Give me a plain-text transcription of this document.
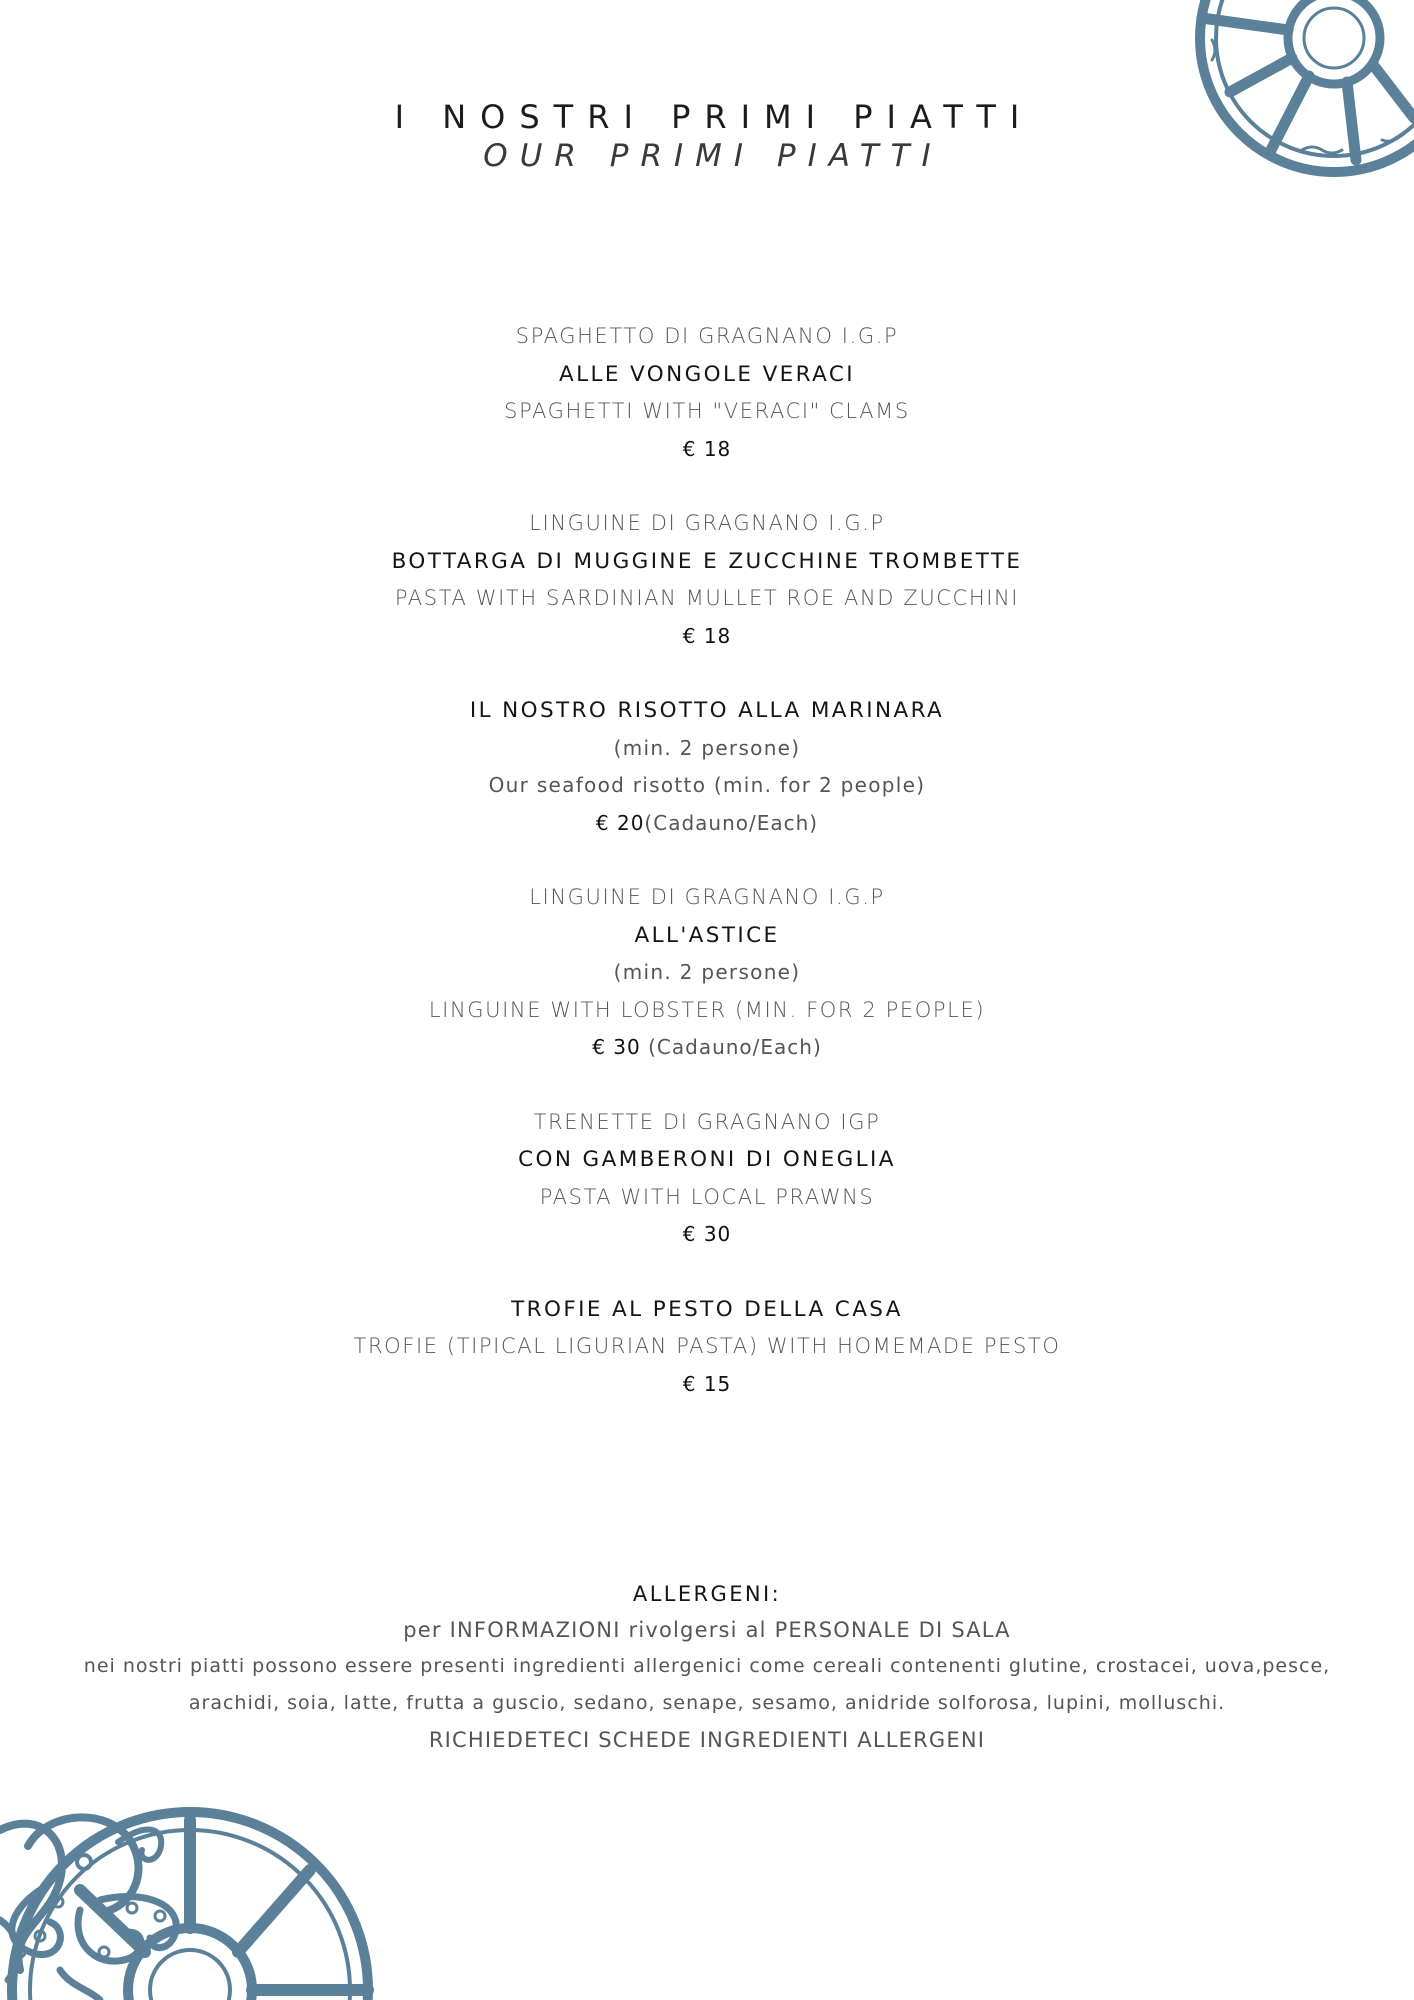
I NOSTRI PRIMI PIATTI
OUR PRIMI PIATTI
SPAGHETTO DI GRAGNANO I.G.P
ALLE VONGOLE VERACI
SPAGHETTI WITH "VERACI" CLAMS
€ 18
LINGUINE DI GRAGNANO I.G.P
BOTTARGA DI MUGGINE E ZUCCHINE TROMBETTE
PASTA WITH SARDINIAN MULLET ROE AND ZUCCHINI
€ 18
IL NOSTRO RISOTTO ALLA MARINARA
(min. 2 persone)
Our seafood risotto (min. for 2 people)
€ 20(Cadauno/Each)
LINGUINE DI GRAGNANO I.G.P
ALL'ASTICE
(min. 2 persone)
LINGUINE WITH LOBSTER (MIN. FOR 2 PEOPLE)
€ 30 (Cadauno/Each)
TRENETTE DI GRAGNANO IGP
CON GAMBERONI DI ONEGLIA
PASTA WITH LOCAL PRAWNS
€ 30
TROFIE AL PESTO DELLA CASA
TROFIE (TIPICAL LIGURIAN PASTA) WITH HOMEMADE PESTO
€ 15
ALLERGENI:
per INFORMAZIONI rivolgersi al PERSONALE DI SALA
nei nostri piatti possono essere presenti ingredienti allergenici come cereali contenenti glutine, crostacei, uova,pesce,
arachidi, soia, latte, frutta a guscio, sedano, senape, sesamo, anidride solforosa, lupini, molluschi.
RICHIEDETECI SCHEDE INGREDIENTI ALLERGENI
